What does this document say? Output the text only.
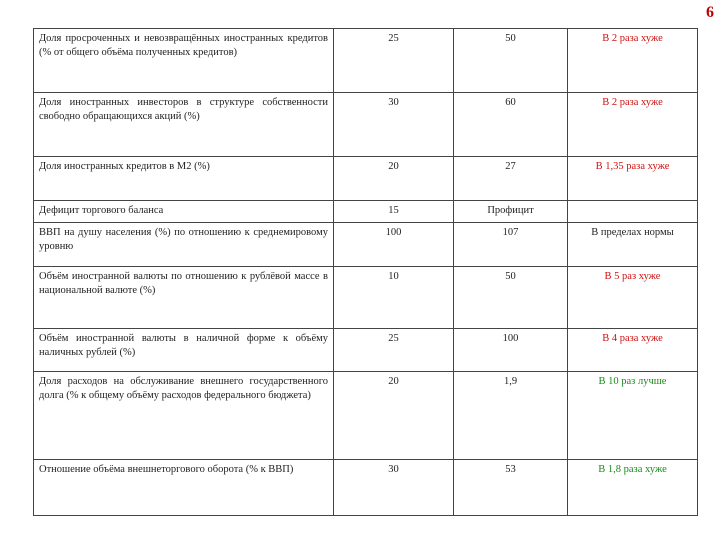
6
Доля просроченных и невозвращённых иностранных кредитов (% от общего объёма полученных кредитов)	25	50	В 2 раза хуже
Доля иностранных инвесторов в структуре собственности свободно обращающихся акций (%)	30	60	В 2 раза хуже
Доля иностранных кредитов в М2 (%)	20	27	В 1,35 раза хуже
Дефицит торгового баланса	15	Профицит	
ВВП на душу населения (%) по отношению к среднемировому уровню	100	107	В пределах нормы
Объём иностранной валюты по отношению к рублёвой массе в национальной валюте (%)	10	50	В 5 раз хуже
Объём иностранной валюты в наличной форме к объёму наличных рублей (%)	25	100	В 4 раза хуже
Доля расходов на обслуживание внешнего государственного долга (% к общему объёму расходов федерального бюджета)	20	1,9	В 10 раз лучше
Отношение объёма внешнеторгового оборота (% к ВВП)	30	53	В 1,8 раза хуже
